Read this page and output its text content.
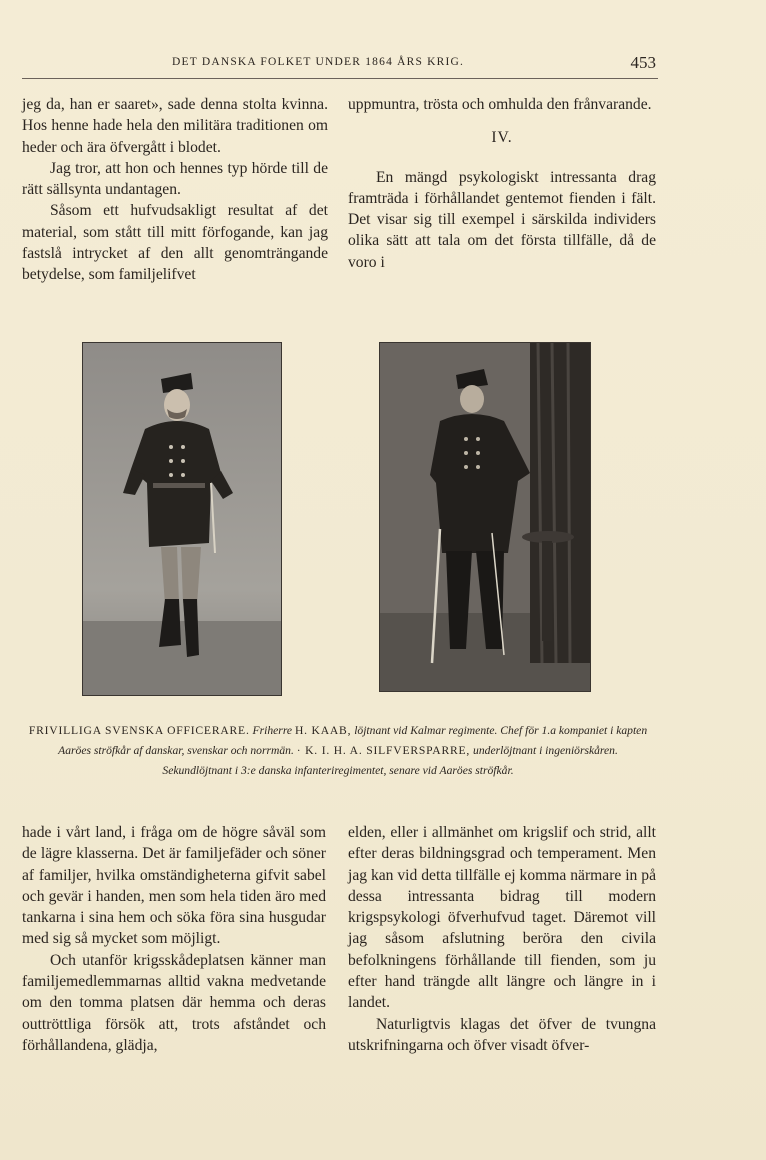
DET DANSKA FOLKET UNDER 1864 ÅRS KRIG.	453

jeg da, han er saaret», sade denna stolta kvinna. Hos henne hade hela den militära traditionen om heder och ära öfvergått i blodet.

Jag tror, att hon och hennes typ hörde till de rätt sällsynta undantagen.

Såsom ett hufvudsakligt resultat af det material, som stått till mitt förfogande, kan jag fastslå intrycket af den allt genomträngande betydelse, som familjelifvet

uppmuntra, trösta och omhulda den frånvarande.

IV.

En mängd psykologiskt intressanta drag framträda i förhållandet gentemot fienden i fält. Det visar sig till exempel i särskilda individers olika sätt att tala om det första tillfälle, då de voro i

FRIVILLIGA SVENSKA OFFICERARE. Friherre H. KAAB, löjtnant vid Kalmar regimente. Chef för 1.a kompaniet i kapten Aaröes ströfkår af danskar, svenskar och norrmän. · K. I. H. A. SILFVERSPARRE, underlöjtnant i ingeniörskåren. Sekundlöjtnant i 3:e danska infanteriregimentet, senare vid Aaröes ströfkår.

hade i vårt land, i fråga om de högre såväl som de lägre klasserna. Det är familjefäder och söner af familjer, hvilka omständigheterna gifvit sabel och gevär i handen, men som hela tiden äro med tankarna i sina hem och söka föra sina husgudar med sig så mycket som möjligt.

Och utanför krigsskådeplatsen känner man familjemedlemmarnas alltid vakna medvetande om den tomma platsen där hemma och deras outtröttliga försök att, trots afståndet och förhållandena, glädja,

elden, eller i allmänhet om krigslif och strid, allt efter deras bildningsgrad och temperament. Men jag kan vid detta tillfälle ej komma närmare in på dessa intressanta bidrag till modern krigspsykologi öfverhufvud taget. Däremot vill jag såsom afslutning beröra den civila befolkningens förhållande till fienden, som ju efter hand trängde allt längre och längre in i landet.

Naturligtvis klagas det öfver de tvungna utskrifningarna och öfver visadt öfver-
